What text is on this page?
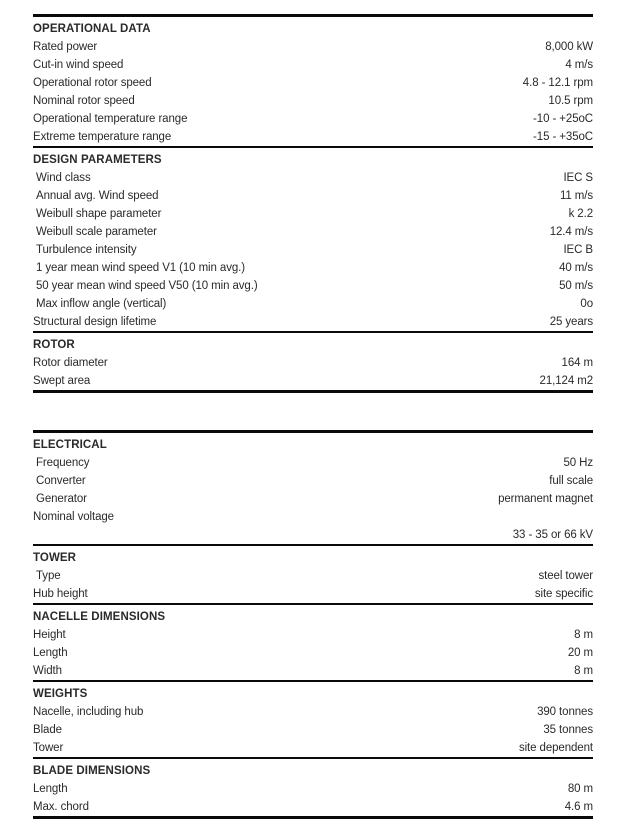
OPERATIONAL DATA
Rated power	8,000 kW
Cut-in wind speed	4 m/s
Operational rotor speed	4.8 - 12.1 rpm
Nominal rotor speed	10.5 rpm
Operational temperature range	-10 - +25oC
Extreme temperature range	-15 - +35oC
DESIGN PARAMETERS
Wind class	IEC S
Annual avg. Wind speed	11 m/s
Weibull shape parameter	k 2.2
Weibull scale parameter	12.4 m/s
Turbulence intensity	IEC B
1 year mean wind speed V1 (10 min avg.)	40 m/s
50 year mean wind speed V50 (10 min avg.)	50 m/s
Max inflow angle (vertical)	0o
Structural design lifetime	25 years
ROTOR
Rotor diameter	164 m
Swept area	21,124 m2
ELECTRICAL
Frequency	50 Hz
Converter	full scale
Generator	permanent magnet
Nominal voltage
33 - 35 or 66 kV
TOWER
Type	steel tower
Hub height	site specific
NACELLE DIMENSIONS
Height	8 m
Length	20 m
Width	8 m
WEIGHTS
Nacelle, including hub	390 tonnes
Blade	35 tonnes
Tower	site dependent
BLADE DIMENSIONS
Length	80 m
Max. chord	4.6 m
